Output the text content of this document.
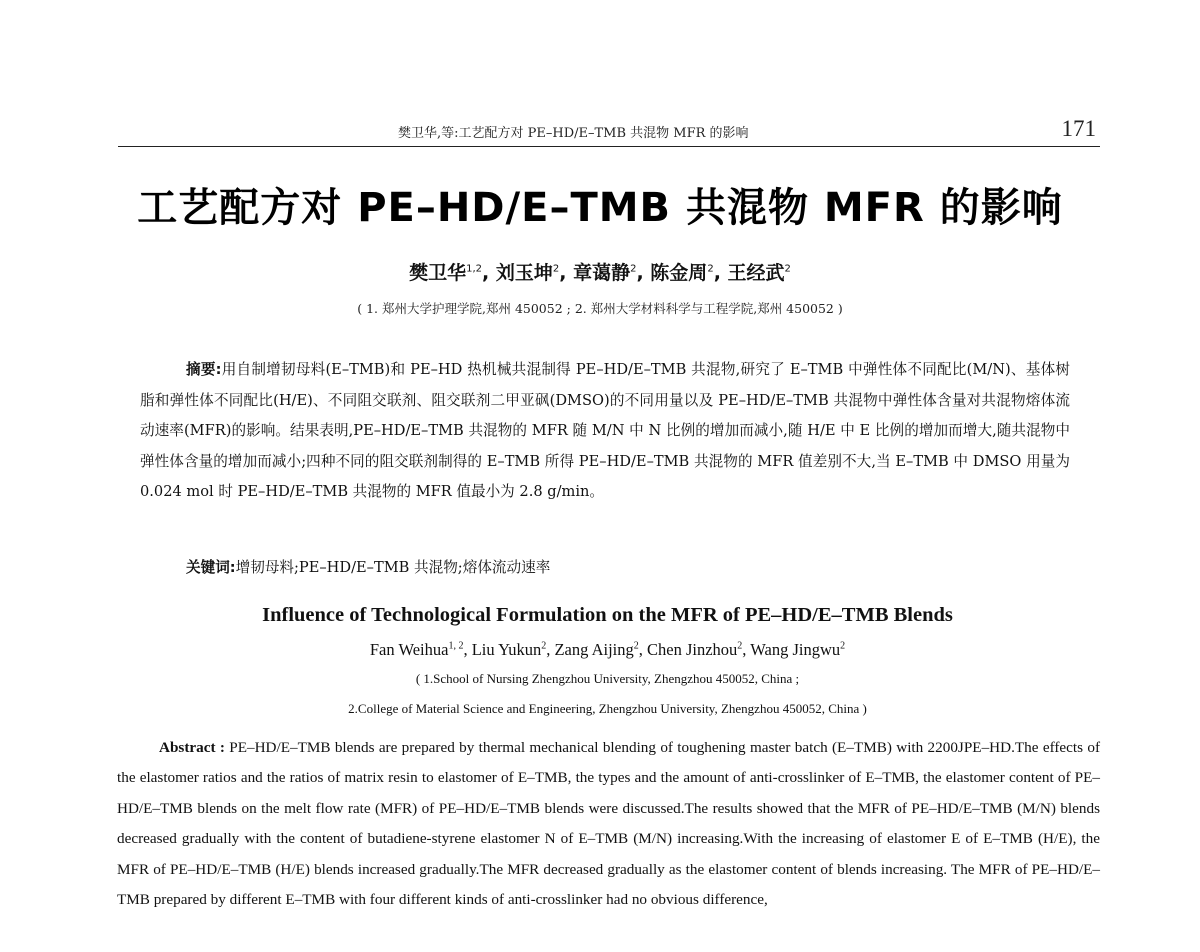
樊卫华,等:工艺配方对 PE–HD/E–TMB 共混物 MFR 的影响	171
工艺配方对 PE–HD/E–TMB 共混物 MFR 的影响
樊卫华$^{1,2}$, 刘玉坤$^2$, 章蔼静$^2$, 陈金周$^2$, 王经武$^2$
( 1. 郑州大学护理学院,郑州 450052 ; 2. 郑州大学材料科学与工程学院,郑州 450052 )
摘要:用自制增韧母料(E–TMB)和 PE–HD 热机械共混制得 PE–HD/E–TMB 共混物,研究了 E–TMB 中弹性体不同配比(M/N)、基体树脂和弹性体不同配比(H/E)、不同阻交联剂、阻交联剂二甲亚砜(DMSO)的不同用量以及 PE–HD/E–TMB 共混物中弹性体含量对共混物熔体流动速率(MFR)的影响。结果表明,PE–HD/E–TMB 共混物的 MFR 随 M/N 中 N 比例的增加而减小,随 H/E 中 E 比例的增加而增大,随共混物中弹性体含量的增加而减小;四种不同的阻交联剂制得的 E–TMB 所得 PE–HD/E–TMB 共混物的 MFR 值差别不大,当 E–TMB 中 DMSO 用量为 0.024 mol 时 PE–HD/E–TMB 共混物的 MFR 值最小为 2.8 g/min。
关键词:增韧母料;PE–HD/E–TMB 共混物;熔体流动速率
Influence of Technological Formulation on the MFR of PE–HD/E–TMB Blends
Fan Weihua$^{1, 2}$, Liu Yukun$^2$, Zang Aijing$^2$, Chen Jinzhou$^2$, Wang Jingwu$^2$
( 1.School of Nursing Zhengzhou University, Zhengzhou 450052, China ;
2.College of Material Science and Engineering, Zhengzhou University, Zhengzhou 450052, China )
Abstract : PE–HD/E–TMB blends are prepared by thermal mechanical blending of toughening master batch (E–TMB) with 2200JPE–HD.The effects of the elastomer ratios and the ratios of matrix resin to elastomer of E–TMB, the types and the amount of anti-crosslinker of E–TMB, the elastomer content of PE–HD/E–TMB blends on the melt flow rate (MFR) of PE–HD/E–TMB blends were discussed.The results showed that the MFR of PE–HD/E–TMB (M/N) blends decreased gradually with the content of butadiene-styrene elastomer N of E–TMB (M/N) increasing.With the increasing of elastomer E of E–TMB (H/E), the MFR of PE–HD/E–TMB (H/E) blends increased gradually.The MFR decreased gradually as the elastomer content of blends increasing. The MFR of PE–HD/E–TMB prepared by different E–TMB with four different kinds of anti-crosslinker had no obvious difference,
